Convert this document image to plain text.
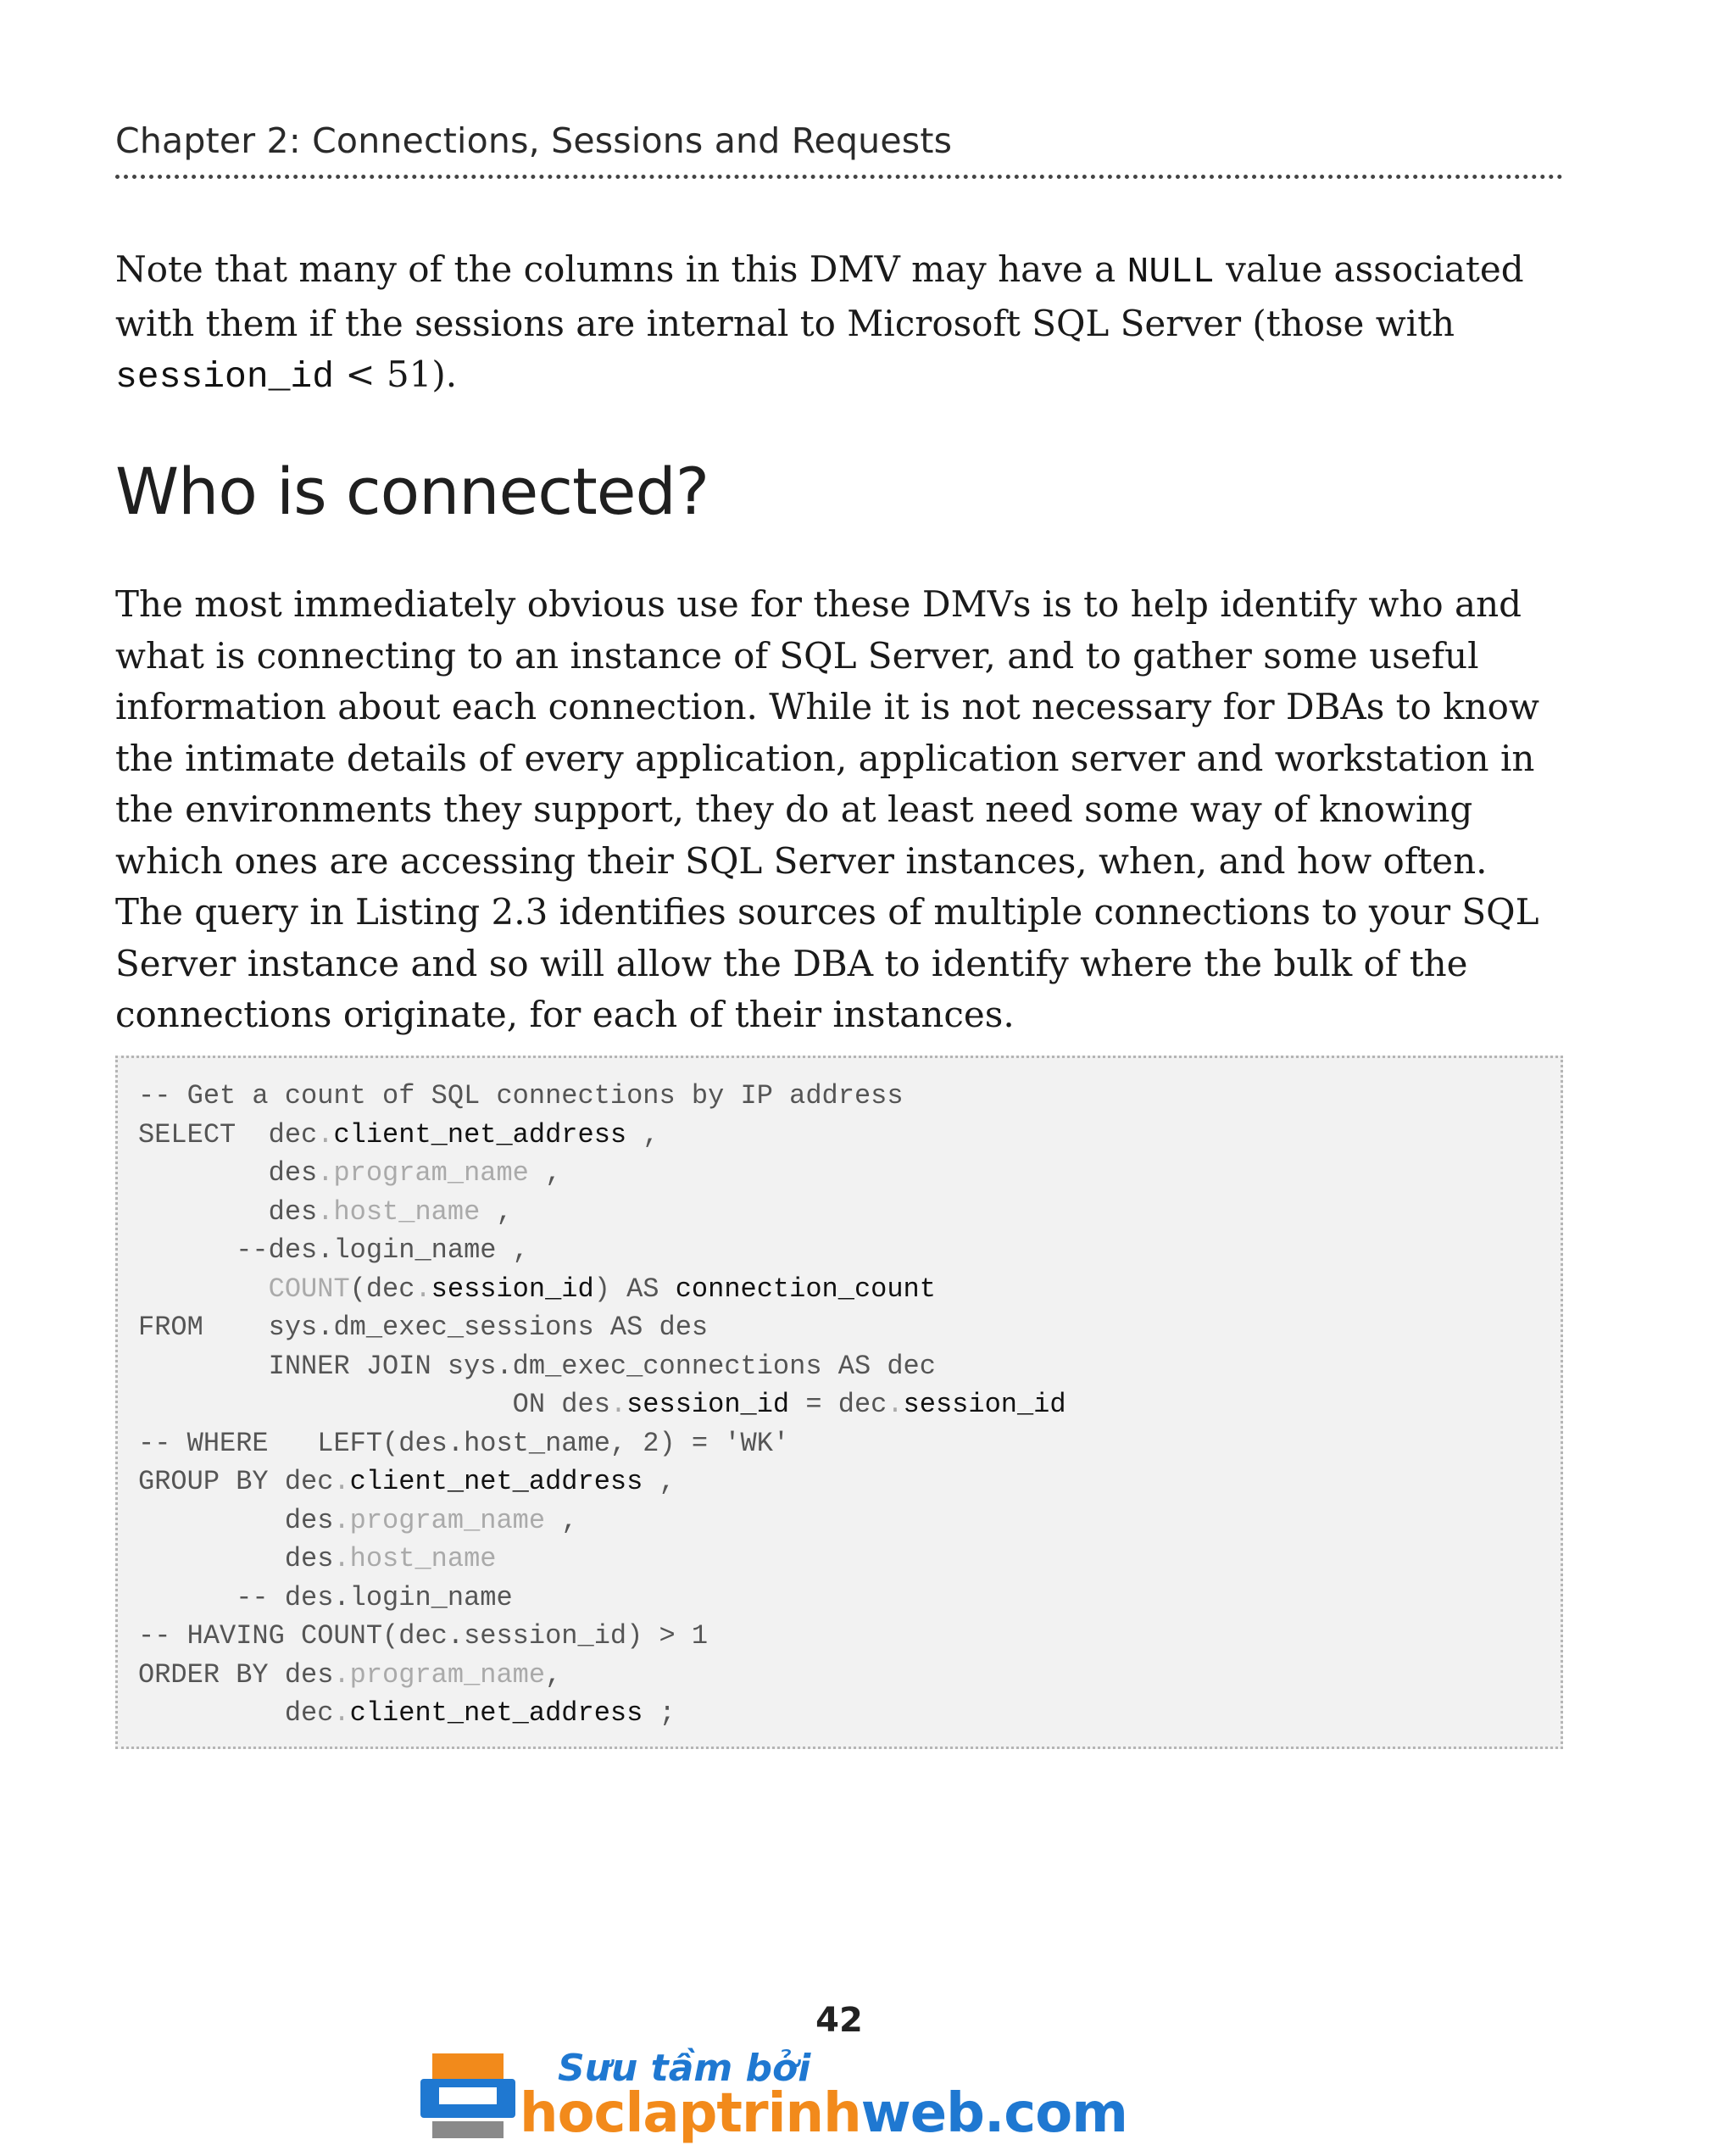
Chapter 2: Connections, Sessions and Requests

Note that many of the columns in this DMV may have a NULL value associated with them if the sessions are internal to Microsoft SQL Server (those with session_id < 51).

Who is connected?

The most immediately obvious use for these DMVs is to help identify who and what is connecting to an instance of SQL Server, and to gather some useful information about each connection. While it is not necessary for DBAs to know the intimate details of every application, application server and workstation in the environments they support, they do at least need some way of knowing which ones are accessing their SQL Server instances, when, and how often. The query in Listing 2.3 identifies sources of multiple connections to your SQL Server instance and so will allow the DBA to identify where the bulk of the connections originate, for each of their instances.

-- Get a count of SQL connections by IP address
SELECT  dec.client_net_address ,
des.program_name ,
des.host_name ,
--des.login_name ,
COUNT(dec.session_id) AS connection_count
FROM    sys.dm_exec_sessions AS des
INNER JOIN sys.dm_exec_connections AS dec
ON des.session_id = dec.session_id
-- WHERE   LEFT(des.host_name, 2) = 'WK'
GROUP BY dec.client_net_address ,
des.program_name ,
des.host_name
-- des.login_name
-- HAVING COUNT(dec.session_id) > 1
ORDER BY des.program_name,
dec.client_net_address ;
42
Sưu tầm bởi
hoclaptrinhweb.com
